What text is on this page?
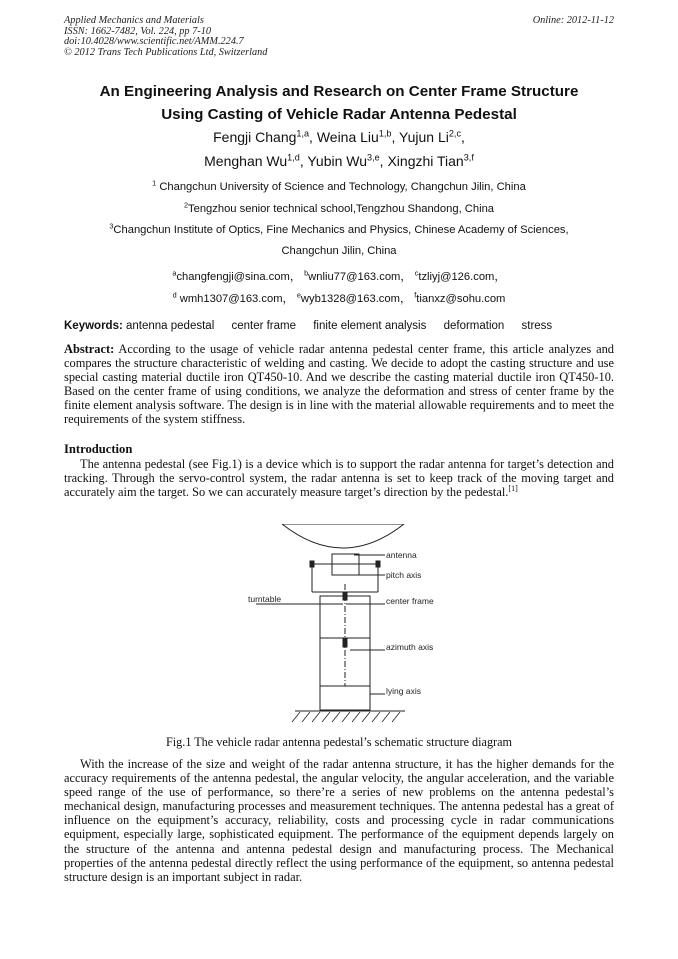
Applied Mechanics and Materials
ISSN: 1662-7482, Vol. 224, pp 7-10
doi:10.4028/www.scientific.net/AMM.224.7
© 2012 Trans Tech Publications Ltd, Switzerland
Online: 2012-11-12
An Engineering Analysis and Research on Center Frame Structure
Using Casting of Vehicle Radar Antenna Pedestal
Fengji Chang$^{1,a}$, Weina Liu$^{1,b}$, Yujun Li$^{2,c}$,
Menghan Wu$^{1,d}$, Yubin Wu$^{3,e}$, Xingzhi Tian$^{3,f}$
$^1$ Changchun University of Science and Technology, Changchun Jilin, China
$^2$Tengzhou senior technical school,Tengzhou Shandong, China
$^3$Changchun Institute of Optics, Fine Mechanics and Physics, Chinese Academy of Sciences,
Changchun Jilin, China
$^a$changfengji@sina.com， $^b$wnliu77@163.com， $^c$tzliyj@126.com，
$^d$ wmh1307@163.com， $^e$wyb1328@163.com， $^f$tianxz@sohu.com
Keywords: antenna pedestal center frame finite element analysis deformation stress
Abstract: According to the usage of vehicle radar antenna pedestal center frame, this article analyzes and compares the structure characteristic of welding and casting. We decide to adopt the casting structure and use special casting material ductile iron QT450-10. And we describe the casting material ductile iron QT450-10. Based on the center frame of using conditions, we analyze the deformation and stress of center frame by the finite element analysis software. The design is in line with the material allowable requirements and to meet the requirements of the system stiffness.
Introduction
The antenna pedestal (see Fig.1) is a device which is to support the radar antenna for target’s detection and tracking. Through the servo-control system, the radar antenna is set to keep track of the moving target and accurately aim the target. So we can accurately measure target’s direction by the pedestal.[1]
antenna
pitch axis
turntable	center frame
azimuth axis
lying axis
Fig.1 The vehicle radar antenna pedestal’s schematic structure diagram
With the increase of the size and weight of the radar antenna structure, it has the higher demands for the accuracy requirements of the antenna pedestal, the angular velocity, the angular acceleration, and the variable speed range of the use of performance, so there’re a series of new problems on the antenna pedestal’s mechanical design, manufacturing processes and measurement techniques. The antenna pedestal has a great of influence on the equipment’s accuracy, reliability, costs and processing cycle in radar communications equipment, especially large, sophisticated equipment. The performance of the equipment depends largely on the structure of the antenna and antenna pedestal design and manufacturing process. The Mechanical properties of the antenna pedestal directly reflect the using performance of the equipment, so antenna pedestal structure design is an important subject in radar.
